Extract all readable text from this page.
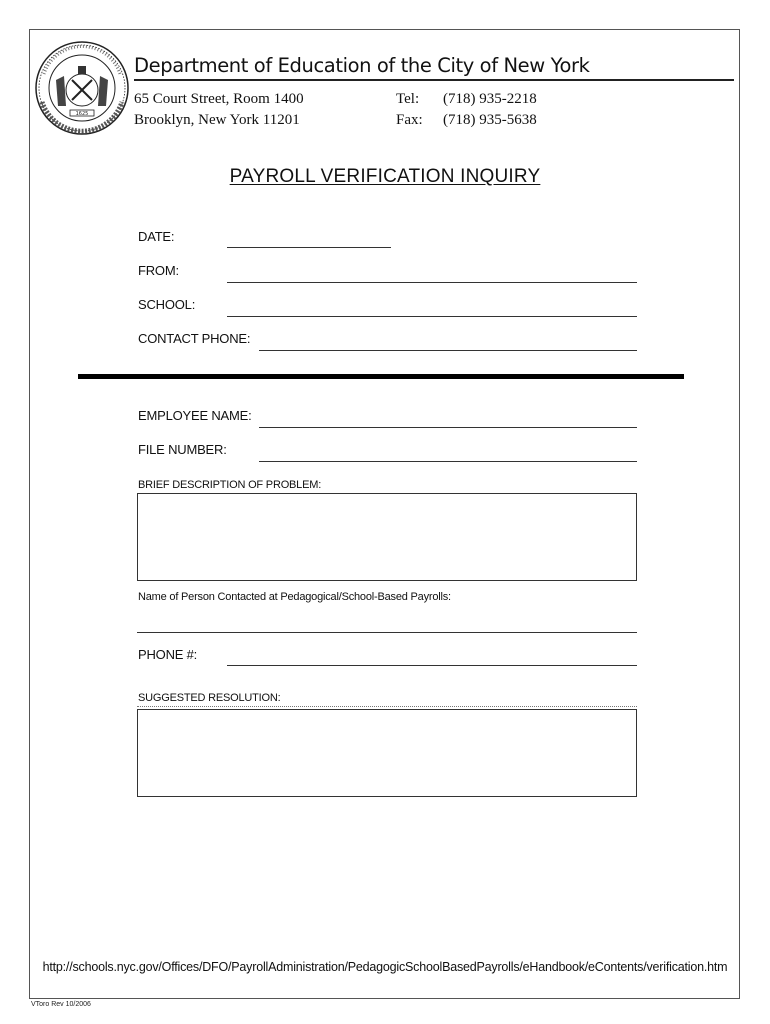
1625
Department of Education of the City of New York
65 Court Street, Room 1400
Brooklyn, New York 11201
Tel: (718) 935-2218
Fax: (718) 935-5638
PAYROLL VERIFICATION INQUIRY
DATE:
FROM:
SCHOOL:
CONTACT PHONE:
EMPLOYEE NAME:
FILE NUMBER:
BRIEF DESCRIPTION OF PROBLEM:
Name of Person Contacted at Pedagogical/School-Based Payrolls:
PHONE #:
SUGGESTED RESOLUTION:
http://schools.nyc.gov/Offices/DFO/PayrollAdministration/PedagogicSchoolBasedPayrolls/eHandbook/eContents/verification.htm
VToro Rev 10/2006
